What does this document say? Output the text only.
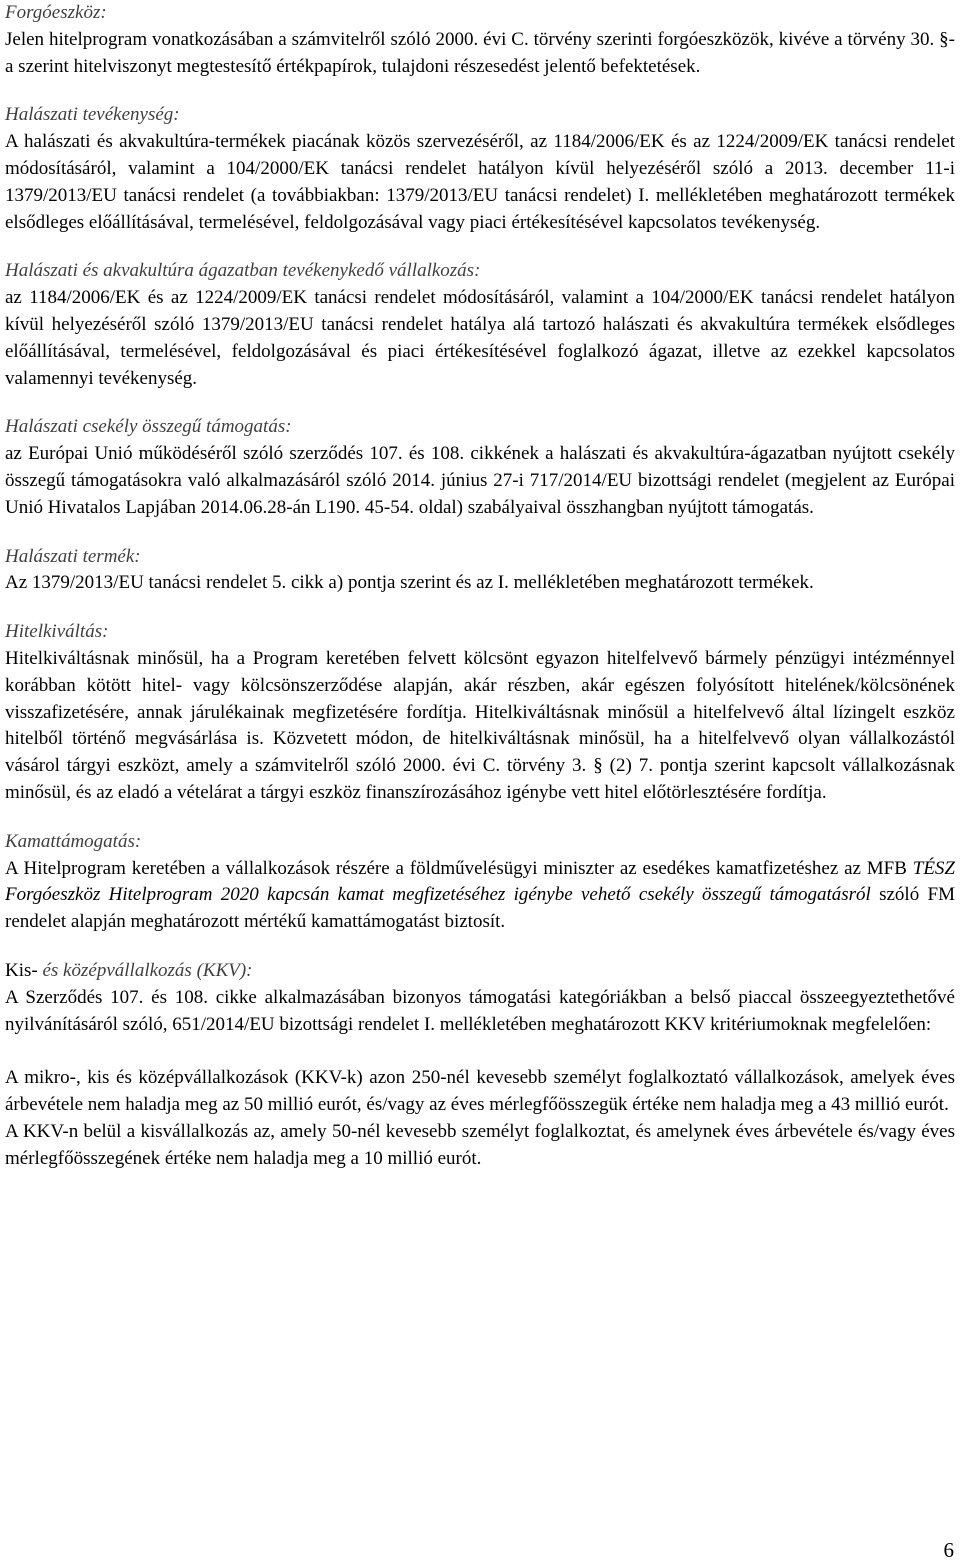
Forgóeszköz:

Jelen hitelprogram vonatkozásában a számvitelről szóló 2000. évi C. törvény szerinti forgóeszközök, kivéve a törvény 30. §-a szerint hitelviszonyt megtestesítő értékpapírok, tulajdoni részesedést jelentő befektetések.

Halászati tevékenység:

A halászati és akvakultúra-termékek piacának közös szervezéséről, az 1184/2006/EK és az 1224/2009/EK tanácsi rendelet módosításáról, valamint a 104/2000/EK tanácsi rendelet hatályon kívül helyezéséről szóló a 2013. december 11-i 1379/2013/EU tanácsi rendelet (a továbbiakban: 1379/2013/EU tanácsi rendelet) I. mellékletében meghatározott termékek elsődleges előállításával, termelésével, feldolgozásával vagy piaci értékesítésével kapcsolatos tevékenység.

Halászati és akvakultúra ágazatban tevékenykedő vállalkozás:

az 1184/2006/EK és az 1224/2009/EK tanácsi rendelet módosításáról, valamint a 104/2000/EK tanácsi rendelet hatályon kívül helyezéséről szóló 1379/2013/EU tanácsi rendelet hatálya alá tartozó halászati és akvakultúra termékek elsődleges előállításával, termelésével, feldolgozásával és piaci értékesítésével foglalkozó ágazat, illetve az ezekkel kapcsolatos valamennyi tevékenység.

Halászati csekély összegű támogatás:

az Európai Unió működéséről szóló szerződés 107. és 108. cikkének a halászati és akvakultúra-ágazatban nyújtott csekély összegű támogatásokra való alkalmazásáról szóló 2014. június 27-i 717/2014/EU bizottsági rendelet (megjelent az Európai Unió Hivatalos Lapjában 2014.06.28-án L190. 45-54. oldal) szabályaival összhangban nyújtott támogatás.

Halászati termék:

Az 1379/2013/EU tanácsi rendelet 5. cikk a) pontja szerint és az I. mellékletében meghatározott termékek.

Hitelkiváltás:

Hitelkiváltásnak minősül, ha a Program keretében felvett kölcsönt egyazon hitelfelvevő bármely pénzügyi intézménnyel korábban kötött hitel- vagy kölcsönszerződése alapján, akár részben, akár egészen folyósított hitelének/kölcsönének visszafizetésére, annak járulékainak megfizetésére fordítja. Hitelkiváltásnak minősül a hitelfelvevő által lízingelt eszköz hitelből történő megvásárlása is. Közvetett módon, de hitelkiváltásnak minősül, ha a hitelfelvevő olyan vállalkozástól vásárol tárgyi eszközt, amely a számvitelről szóló 2000. évi C. törvény 3. § (2) 7. pontja szerint kapcsolt vállalkozásnak minősül, és az eladó a vételárat a tárgyi eszköz finanszírozásához igénybe vett hitel előtörlesztésére fordítja.

Kamattámogatás:

A Hitelprogram keretében a vállalkozások részére a földművelésügyi miniszter az esedékes kamatfizetéshez az MFB TÉSZ Forgóeszköz Hitelprogram 2020 kapcsán kamat megfizetéséhez igénybe vehető csekély összegű támogatásról szóló FM rendelet alapján meghatározott mértékű kamattámogatást biztosít.

Kis- és középvállalkozás (KKV):

A Szerződés 107. és 108. cikke alkalmazásában bizonyos támogatási kategóriákban a belső piaccal összeegyeztethetővé nyilvánításáról szóló, 651/2014/EU bizottsági rendelet I. mellékletében meghatározott KKV kritériumoknak megfelelően:

A mikro-, kis és középvállalkozások (KKV-k) azon 250-nél kevesebb személyt foglalkoztató vállalkozások, amelyek éves árbevétele nem haladja meg az 50 millió eurót, és/vagy az éves mérlegfőösszegük értéke nem haladja meg a 43 millió eurót.

A KKV-n belül a kisvállalkozás az, amely 50-nél kevesebb személyt foglalkoztat, és amelynek éves árbevétele és/vagy éves mérlegfőösszegének értéke nem haladja meg a 10 millió eurót.

6
